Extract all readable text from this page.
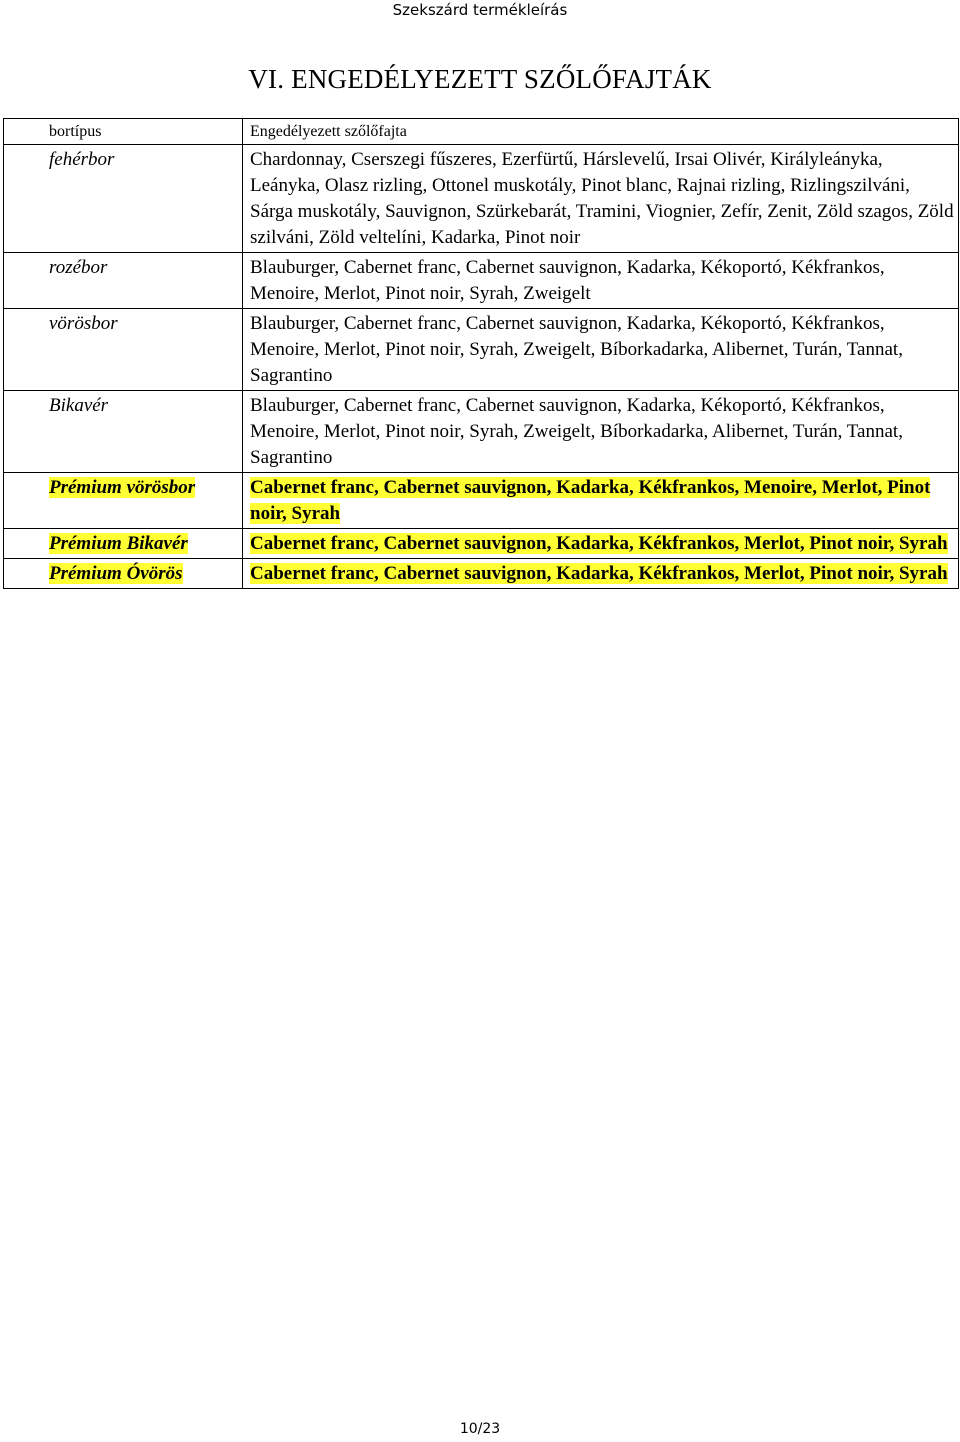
Szekszárd termékleírás
VI. ENGEDÉLYEZETT SZŐLŐFAJTÁK
bortípus	Engedélyezett szőlőfajta
fehérbor	Chardonnay, Cserszegi fűszeres, Ezerfürtű, Hárslevelű, Irsai Olivér, Királyleányka, Leányka, Olasz rizling, Ottonel muskotály, Pinot blanc, Rajnai rizling, Rizlingszilváni, Sárga muskotály, Sauvignon, Szürkebarát, Tramini, Viognier, Zefír, Zenit, Zöld szagos, Zöld szilváni, Zöld veltelíni, Kadarka, Pinot noir
rozébor	Blauburger, Cabernet franc, Cabernet sauvignon, Kadarka, Kékoportó, Kékfrankos, Menoire, Merlot, Pinot noir, Syrah, Zweigelt
vörösbor	Blauburger, Cabernet franc, Cabernet sauvignon, Kadarka, Kékoportó, Kékfrankos, Menoire, Merlot, Pinot noir, Syrah, Zweigelt, Bíborkadarka, Alibernet, Turán, Tannat, Sagrantino
Bikavér	Blauburger, Cabernet franc, Cabernet sauvignon, Kadarka, Kékoportó, Kékfrankos, Menoire, Merlot, Pinot noir, Syrah, Zweigelt, Bíborkadarka, Alibernet, Turán, Tannat, Sagrantino
Prémium vörösbor	Cabernet franc, Cabernet sauvignon, Kadarka, Kékfrankos, Menoire, Merlot, Pinot noir, Syrah
Prémium Bikavér	Cabernet franc, Cabernet sauvignon, Kadarka, Kékfrankos, Merlot, Pinot noir, Syrah
Prémium Óvörös	Cabernet franc, Cabernet sauvignon, Kadarka, Kékfrankos, Merlot, Pinot noir, Syrah
10/23
